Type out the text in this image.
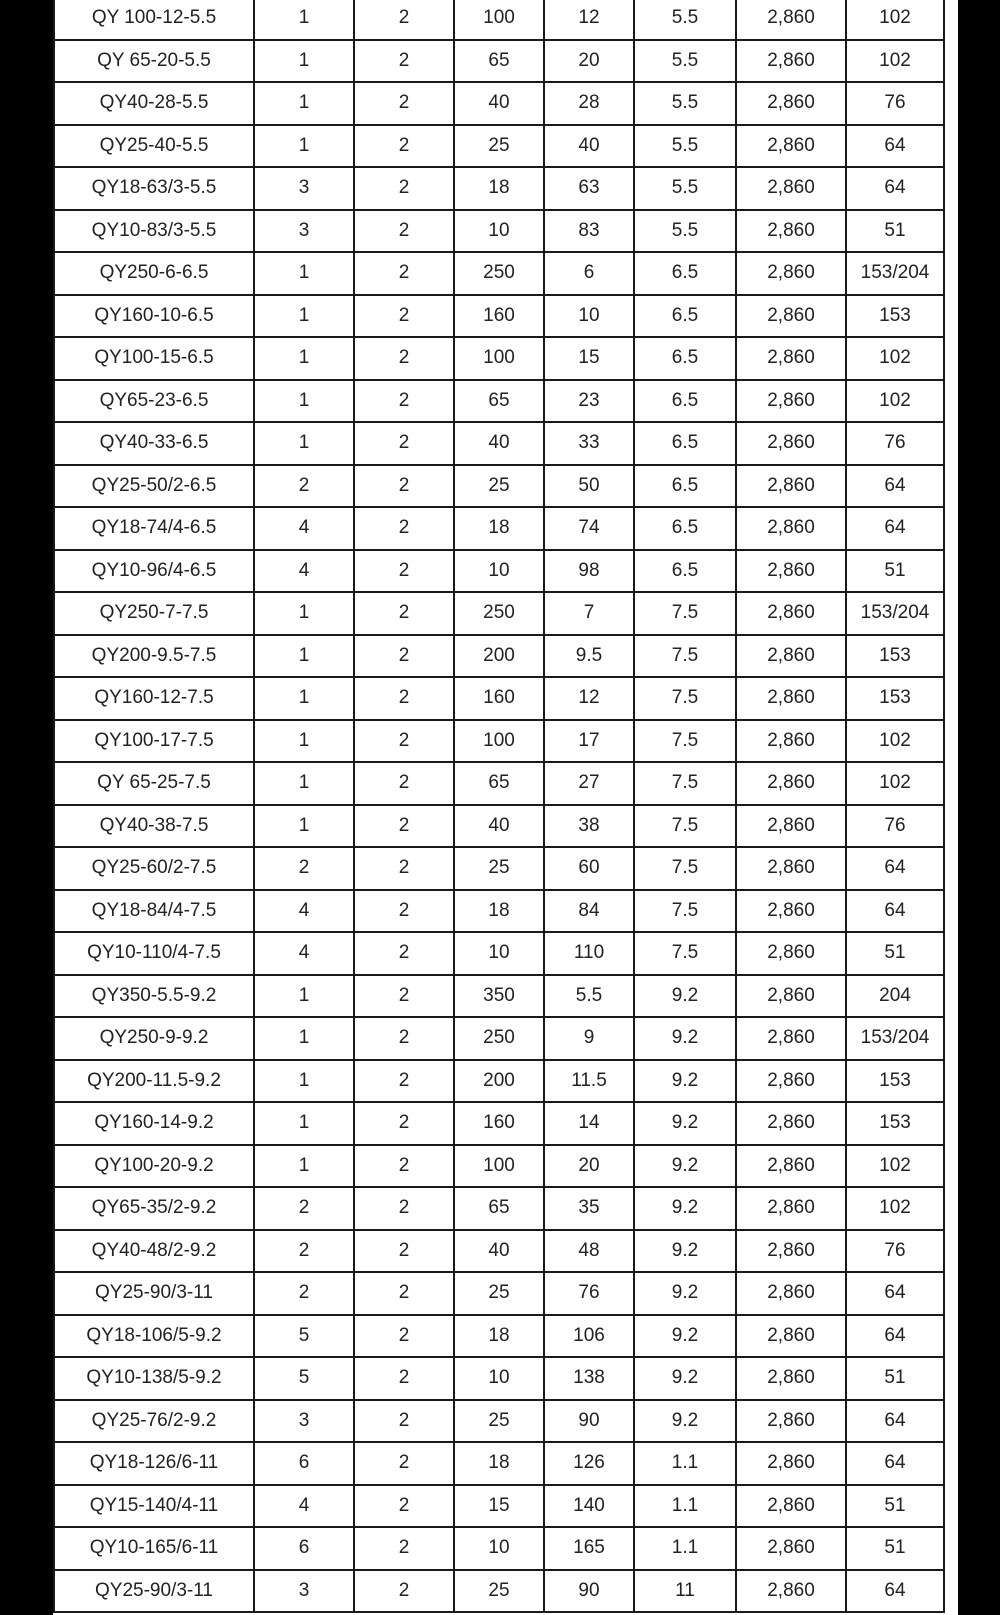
QY 100-12-5.5	1	2	100	12	5.5	2,860	102
QY 65-20-5.5	1	2	65	20	5.5	2,860	102
QY40-28-5.5	1	2	40	28	5.5	2,860	76
QY25-40-5.5	1	2	25	40	5.5	2,860	64
QY18-63/3-5.5	3	2	18	63	5.5	2,860	64
QY10-83/3-5.5	3	2	10	83	5.5	2,860	51
QY250-6-6.5	1	2	250	6	6.5	2,860	153/204
QY160-10-6.5	1	2	160	10	6.5	2,860	153
QY100-15-6.5	1	2	100	15	6.5	2,860	102
QY65-23-6.5	1	2	65	23	6.5	2,860	102
QY40-33-6.5	1	2	40	33	6.5	2,860	76
QY25-50/2-6.5	2	2	25	50	6.5	2,860	64
QY18-74/4-6.5	4	2	18	74	6.5	2,860	64
QY10-96/4-6.5	4	2	10	98	6.5	2,860	51
QY250-7-7.5	1	2	250	7	7.5	2,860	153/204
QY200-9.5-7.5	1	2	200	9.5	7.5	2,860	153
QY160-12-7.5	1	2	160	12	7.5	2,860	153
QY100-17-7.5	1	2	100	17	7.5	2,860	102
QY 65-25-7.5	1	2	65	27	7.5	2,860	102
QY40-38-7.5	1	2	40	38	7.5	2,860	76
QY25-60/2-7.5	2	2	25	60	7.5	2,860	64
QY18-84/4-7.5	4	2	18	84	7.5	2,860	64
QY10-110/4-7.5	4	2	10	110	7.5	2,860	51
QY350-5.5-9.2	1	2	350	5.5	9.2	2,860	204
QY250-9-9.2	1	2	250	9	9.2	2,860	153/204
QY200-11.5-9.2	1	2	200	11.5	9.2	2,860	153
QY160-14-9.2	1	2	160	14	9.2	2,860	153
QY100-20-9.2	1	2	100	20	9.2	2,860	102
QY65-35/2-9.2	2	2	65	35	9.2	2,860	102
QY40-48/2-9.2	2	2	40	48	9.2	2,860	76
QY25-90/3-11	2	2	25	76	9.2	2,860	64
QY18-106/5-9.2	5	2	18	106	9.2	2,860	64
QY10-138/5-9.2	5	2	10	138	9.2	2,860	51
QY25-76/2-9.2	3	2	25	90	9.2	2,860	64
QY18-126/6-11	6	2	18	126	1.1	2,860	64
QY15-140/4-11	4	2	15	140	1.1	2,860	51
QY10-165/6-11	6	2	10	165	1.1	2,860	51
QY25-90/3-11	3	2	25	90	11	2,860	64
